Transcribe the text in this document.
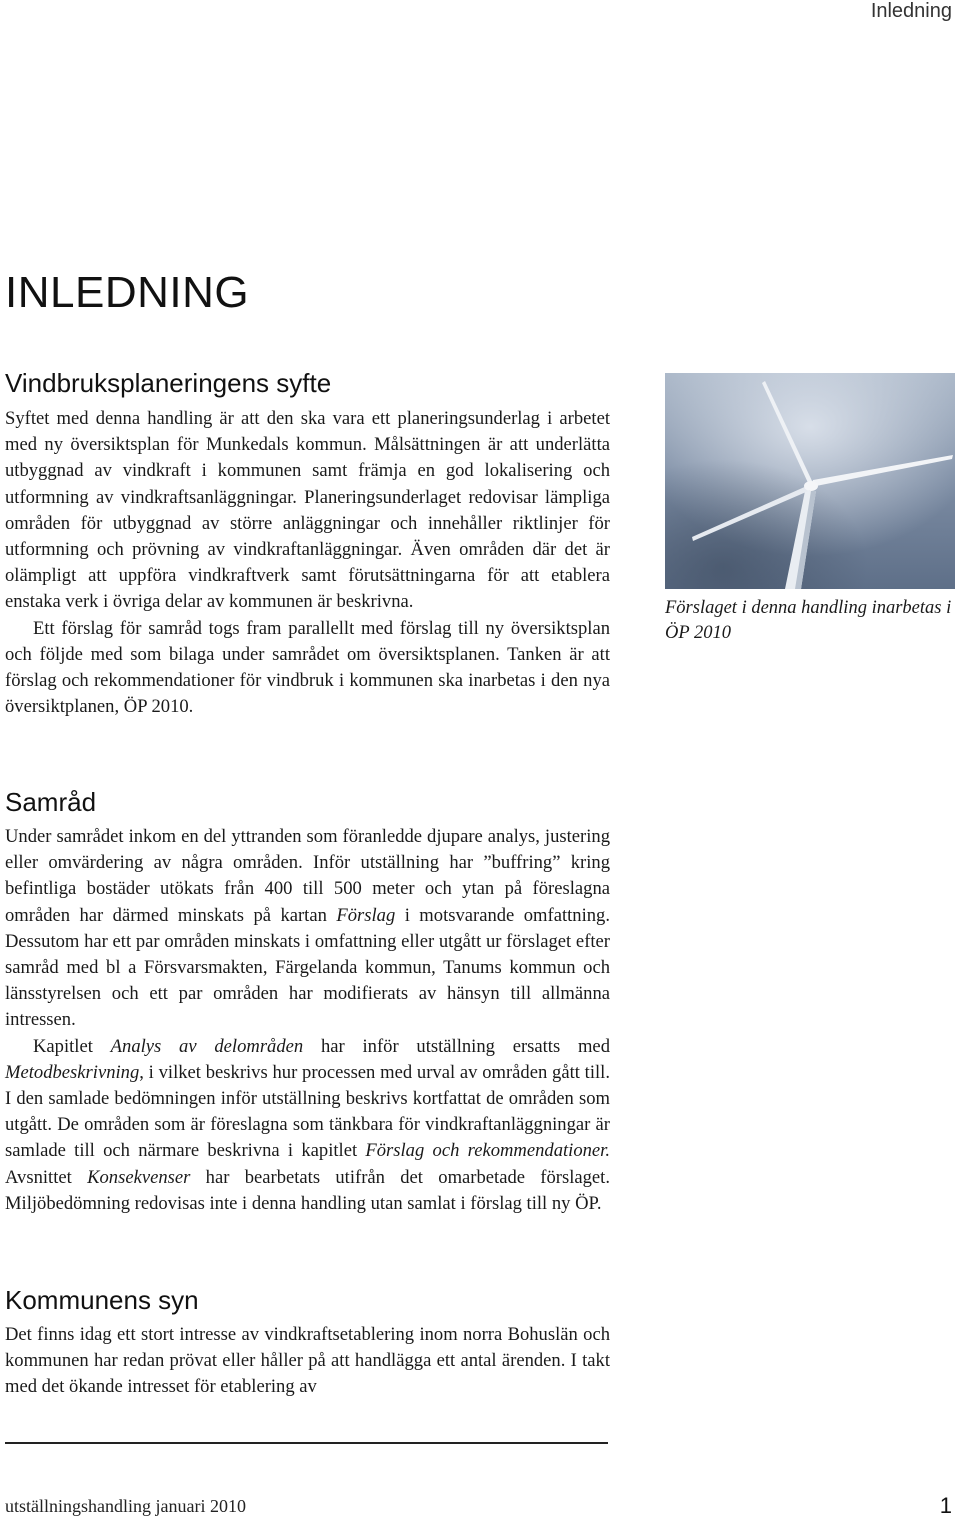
Inledning
INLEDNING
Vindbruksplaneringens syfte

Syftet med denna handling är att den ska vara ett planeringsunderlag i arbetet med ny översiktsplan för Munkedals kommun. Målsättningen är att underlätta utbyggnad av vindkraft i kommunen samt främja en god lokalisering och utformning av vindkraftsanläggningar. Planeringsunderlaget redovisar lämpliga områden för utbyggnad av större anläggningar och innehåller riktlinjer för utformning och prövning av vindkraftanläggningar. Även områden där det är olämpligt att uppföra vindkraftverk samt förutsättningarna för att etablera enstaka verk i övriga delar av kommunen är beskrivna.

Ett förslag för samråd togs fram parallellt med förslag till ny översiktsplan och följde med som bilaga under samrådet om översiktsplanen. Tanken är att förslag och rekommendationer för vindbruk i kommunen ska inarbetas i den nya översiktplanen, ÖP 2010.

Förslaget i denna handling inarbetas i ÖP 2010
Samråd

Under samrådet inkom en del yttranden som föranledde djupare analys, justering eller omvärdering av några områden. Inför utställning har ”buffring” kring befintliga bostäder utökats från 400 till 500 meter och ytan på föreslagna områden har därmed minskats på kartan Förslag i motsvarande omfattning. Dessutom har ett par områden minskats i omfattning eller utgått ur förslaget efter samråd med bl a Försvarsmakten, Färgelanda kommun, Tanums kommun och länsstyrelsen och ett par områden har modifierats av hänsyn till allmänna intressen.

Kapitlet Analys av delområden har inför utställning ersatts med Metodbeskrivning, i vilket beskrivs hur processen med urval av områden gått till. I den samlade bedömningen inför utställning beskrivs kortfattat de områden som utgått. De områden som är föreslagna som tänkbara för vindkraftanläggningar är samlade till och närmare beskrivna i kapitlet Förslag och rekommendationer. Avsnittet Konsekvenser har bearbetats utifrån det omarbetade förslaget. Miljöbedömning redovisas inte i denna handling utan samlat i förslag till ny ÖP.

Kommunens syn

Det finns idag ett stort intresse av vindkraftsetablering inom norra Bohuslän och kommunen har redan prövat eller håller på att handlägga ett antal ärenden. I takt med det ökande intresset för etablering av

utställningshandling januari 2010	1
